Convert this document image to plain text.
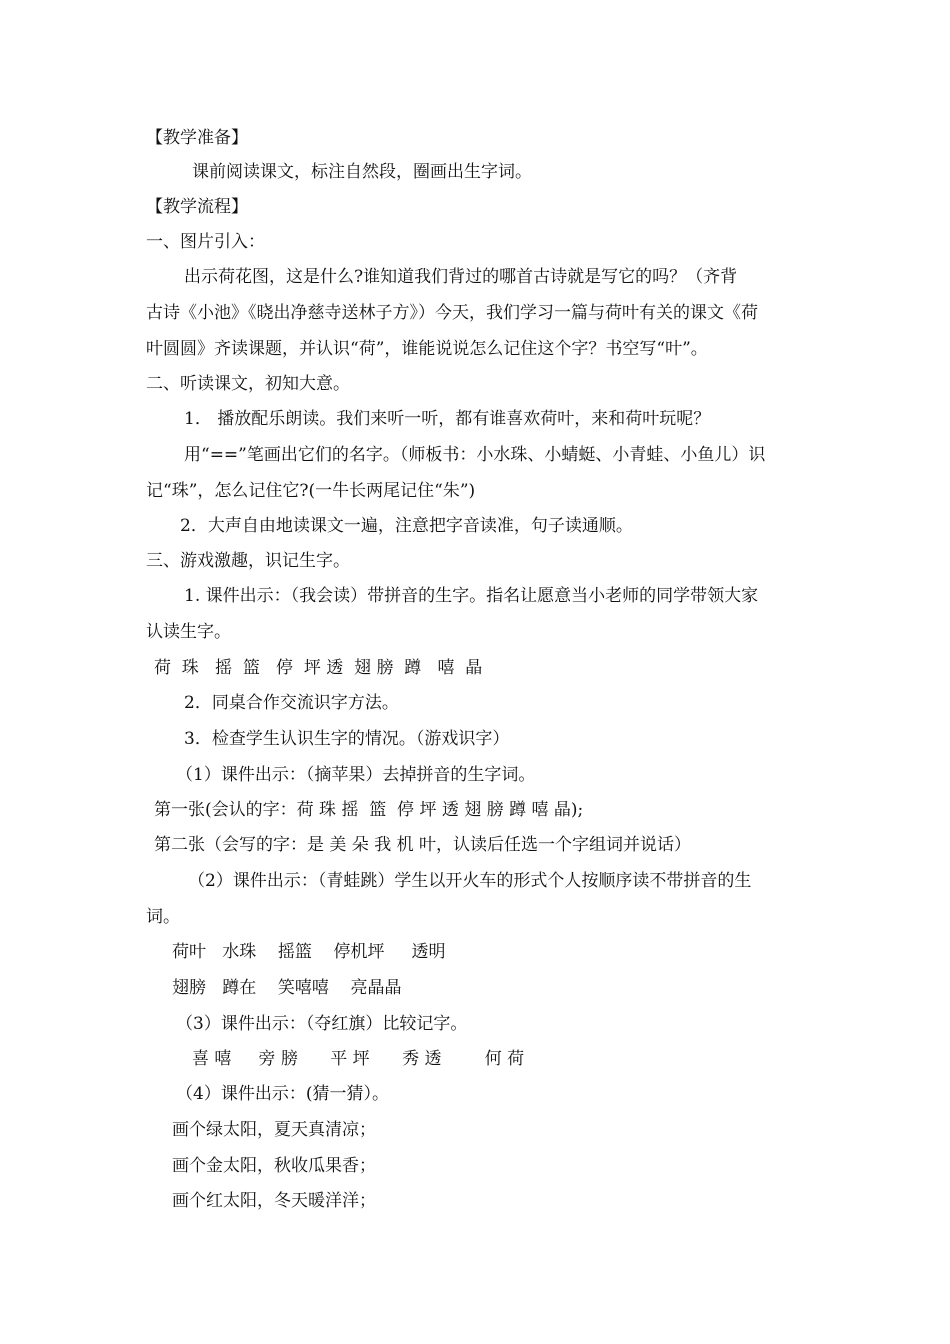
【教学准备】
课前阅读课文，标注自然段，圈画出生字词。
【教学流程】
一、图片引入：
出示荷花图，这是什么?谁知道我们背过的哪首古诗就是写它的吗？（齐背
古诗《小池》《晓出净慈寺送林子方》）今天，我们学习一篇与荷叶有关的课文《荷
叶圆圆》齐读课题，并认识“荷”，谁能说说怎么记住这个字？书空写“叶”。
二、听读课文，初知大意。
1． 播放配乐朗读。我们来听一听，都有谁喜欢荷叶，来和荷叶玩呢？
用“==”笔画出它们的名字。（师板书：小水珠、小蜻蜓、小青蛙、小鱼儿）识
记“珠”，怎么记住它?(一牛长两尾记住“朱”)
2．大声自由地读课文一遍，注意把字音读准，句子读通顺。
三、游戏激趣，识记生字。
1. 课件出示：（我会读）带拼音的生字。指名让愿意当小老师的同学带领大家
认读生字。
荷  珠   摇  篮   停  坪 透  翅 膀  蹲   嘻  晶
2．同桌合作交流识字方法。
3．检查学生认识生字的情况。（游戏识字）
（1）课件出示：（摘苹果）去掉拼音的生字词。
第一张(会认的字：荷 珠 摇  篮  停 坪 透 翅 膀 蹲 嘻 晶);
第二张（会写的字：是 美 朵 我 机 叶，认读后任选一个字组词并说话）
（2）课件出示：（青蛙跳）学生以开火车的形式个人按顺序读不带拼音的生
词。
荷叶   水珠    摇篮    停机坪     透明
翅膀   蹲在    笑嘻嘻    亮晶晶
（3）课件出示：（夺红旗）比较记字。
喜 嘻     旁 膀      平 坪      秀 透        何 荷
（4）课件出示：(猜一猜）。
画个绿太阳，夏天真清凉；
画个金太阳，秋收瓜果香；
画个红太阳，冬天暖洋洋；
